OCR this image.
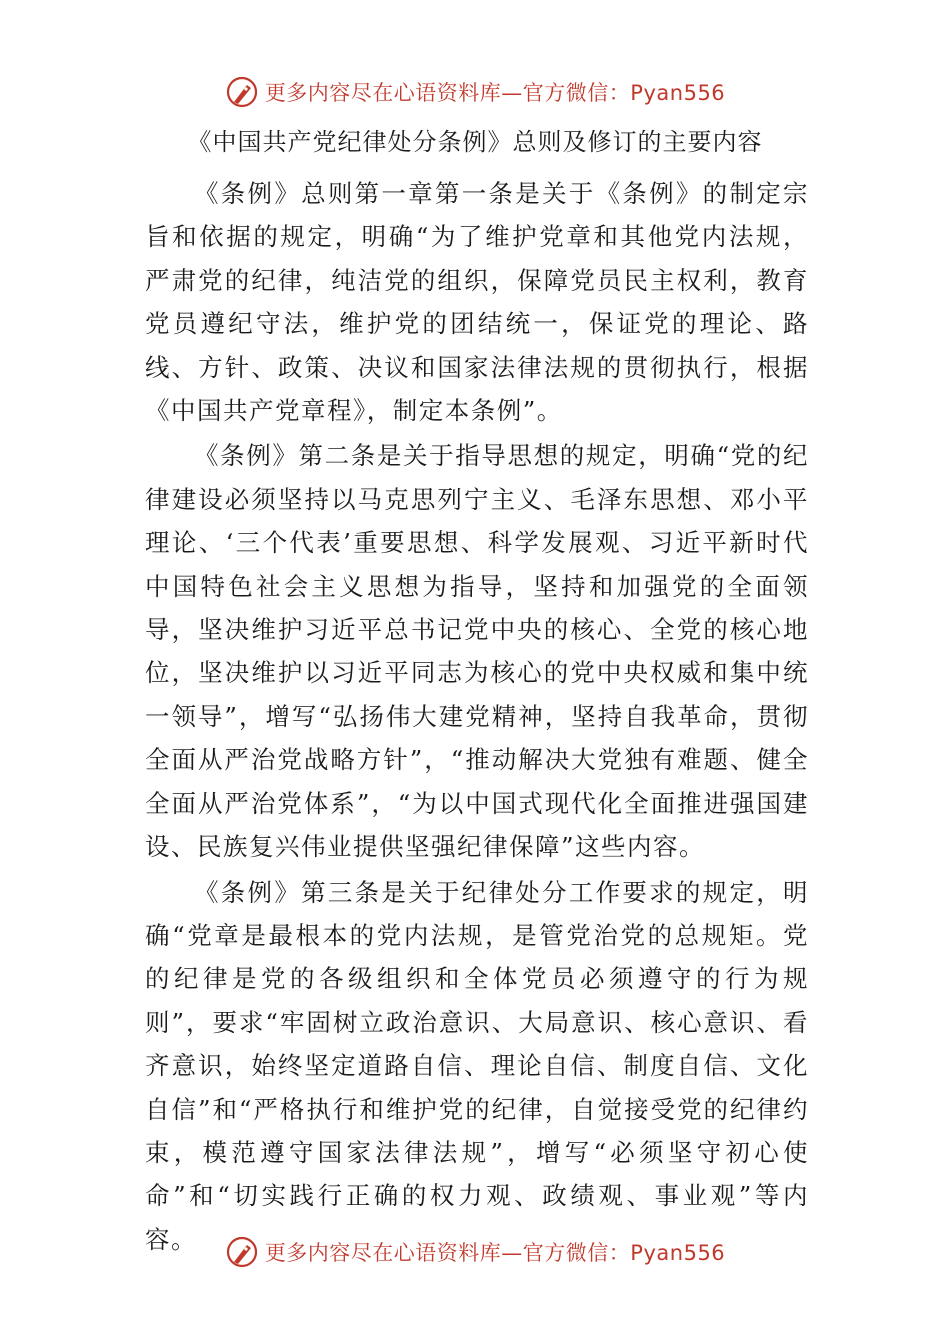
更多内容尽在心语资料库—官方微信：Pyan556
《中国共产党纪律处分条例》总则及修订的主要内容

《条例》总则第一章第一条是关于《条例》的制定宗旨和依据的规定，明确“为了维护党章和其他党内法规，严肃党的纪律，纯洁党的组织，保障党员民主权利，教育党员遵纪守法，维护党的团结统一，保证党的理论、路线、方针、政策、决议和国家法律法规的贯彻执行，根据《中国共产党章程》，制定本条例”。

《条例》第二条是关于指导思想的规定，明确“党的纪律建设必须坚持以马克思列宁主义、毛泽东思想、邓小平理论、‘三个代表’重要思想、科学发展观、习近平新时代中国特色社会主义思想为指导，坚持和加强党的全面领导，坚决维护习近平总书记党中央的核心、全党的核心地位，坚决维护以习近平同志为核心的党中央权威和集中统一领导”，增写“弘扬伟大建党精神，坚持自我革命，贯彻全面从严治党战略方针”，“推动解决大党独有难题、健全全面从严治党体系”，“为以中国式现代化全面推进强国建设、民族复兴伟业提供坚强纪律保障”这些内容。

《条例》第三条是关于纪律处分工作要求的规定，明确“党章是最根本的党内法规，是管党治党的总规矩。党的纪律是党的各级组织和全体党员必须遵守的行为规则”，要求“牢固树立政治意识、大局意识、核心意识、看齐意识，始终坚定道路自信、理论自信、制度自信、文化自信”和“严格执行和维护党的纪律，自觉接受党的纪律约束，模范遵守国家法律法规”，增写“必须坚守初心使命”和“切实践行正确的权力观、政绩观、事业观”等内容。	更多内容尽在心语资料库—官方微信：Pyan556
